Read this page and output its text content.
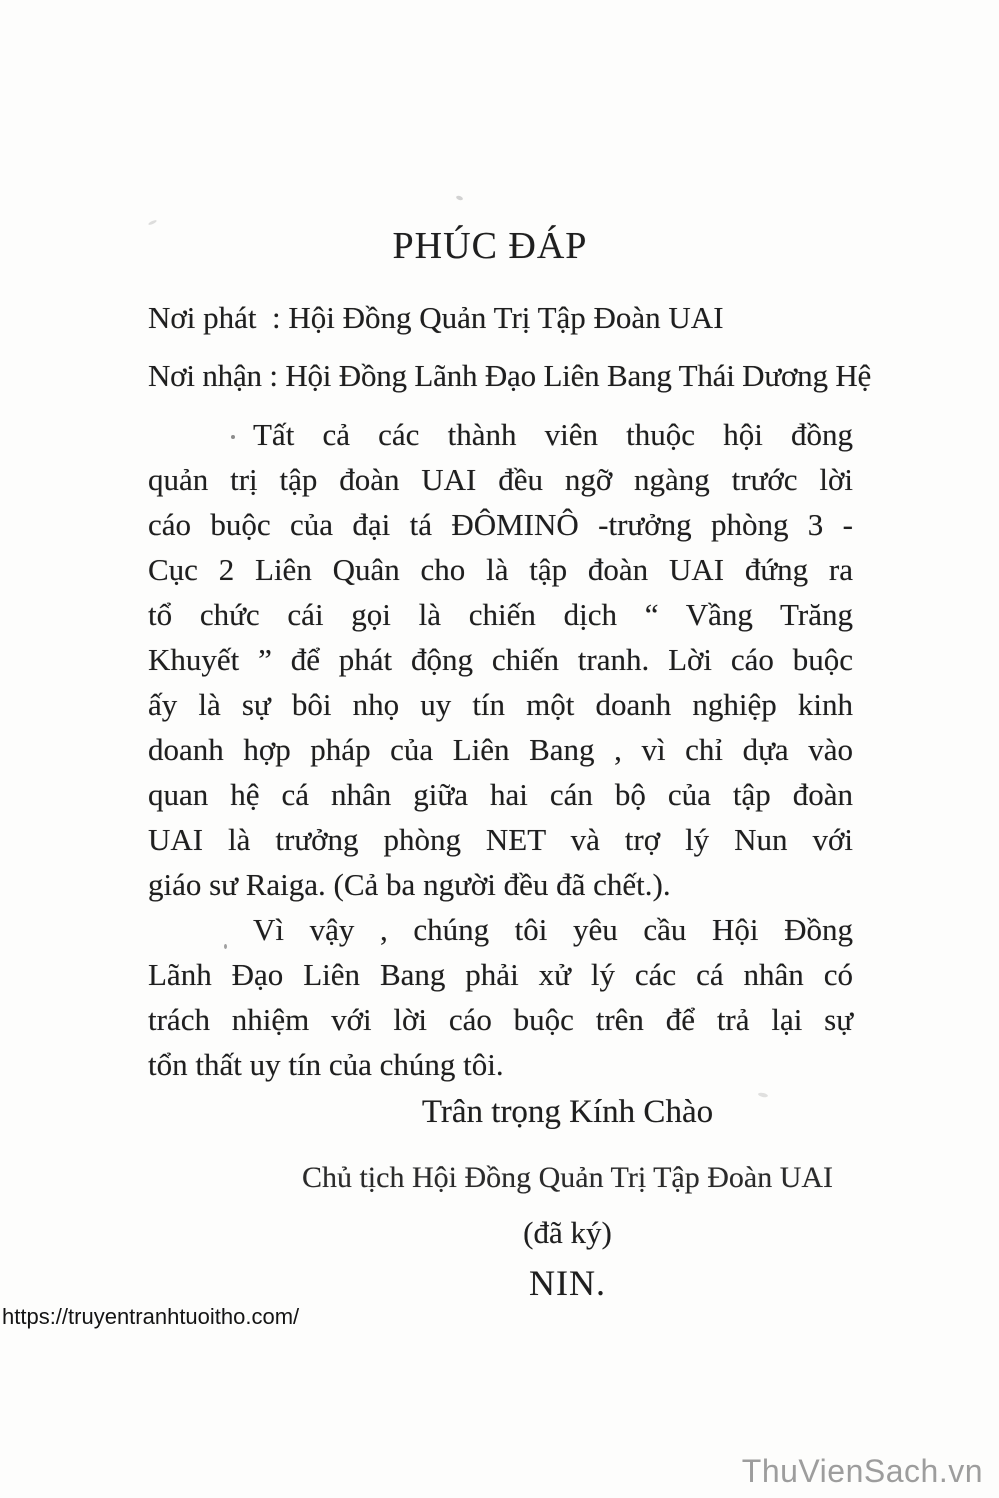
PHÚC ĐÁP
Nơi phát  : Hội Đồng Quản Trị Tập Đoàn UAI
Nơi nhận : Hội Đồng Lãnh Đạo Liên Bang Thái Dương Hệ
Tất cả các thành viên thuộc hội đồng
quản trị tập đoàn UAI đều ngỡ ngàng trước lời
cáo buộc của đại tá ĐÔMINÔ -trưởng phòng 3 -
Cục 2 Liên Quân cho là tập đoàn UAI đứng ra
tổ chức cái gọi là chiến dịch “ Vầng Trăng
Khuyết ” để phát động chiến tranh. Lời cáo buộc
ấy là sự bôi nhọ uy tín một doanh nghiệp kinh
doanh hợp pháp của Liên Bang , vì chỉ dựa vào
quan hệ cá nhân giữa hai cán bộ của tập đoàn
UAI là trưởng phòng NET và trợ lý Nun với
giáo sư Raiga. (Cả ba người đều đã chết.).
Vì vậy , chúng tôi yêu cầu Hội Đồng
Lãnh Đạo Liên Bang phải xử lý các cá nhân có
trách nhiệm với lời cáo buộc trên để trả lại sự
tổn thất uy tín của chúng tôi.
Trân trọng Kính Chào
Chủ tịch Hội Đồng Quản Trị Tập Đoàn UAI
(đã ký)
NIN.
https://truyentranhtuoitho.com/
ThuVienSach.vn
